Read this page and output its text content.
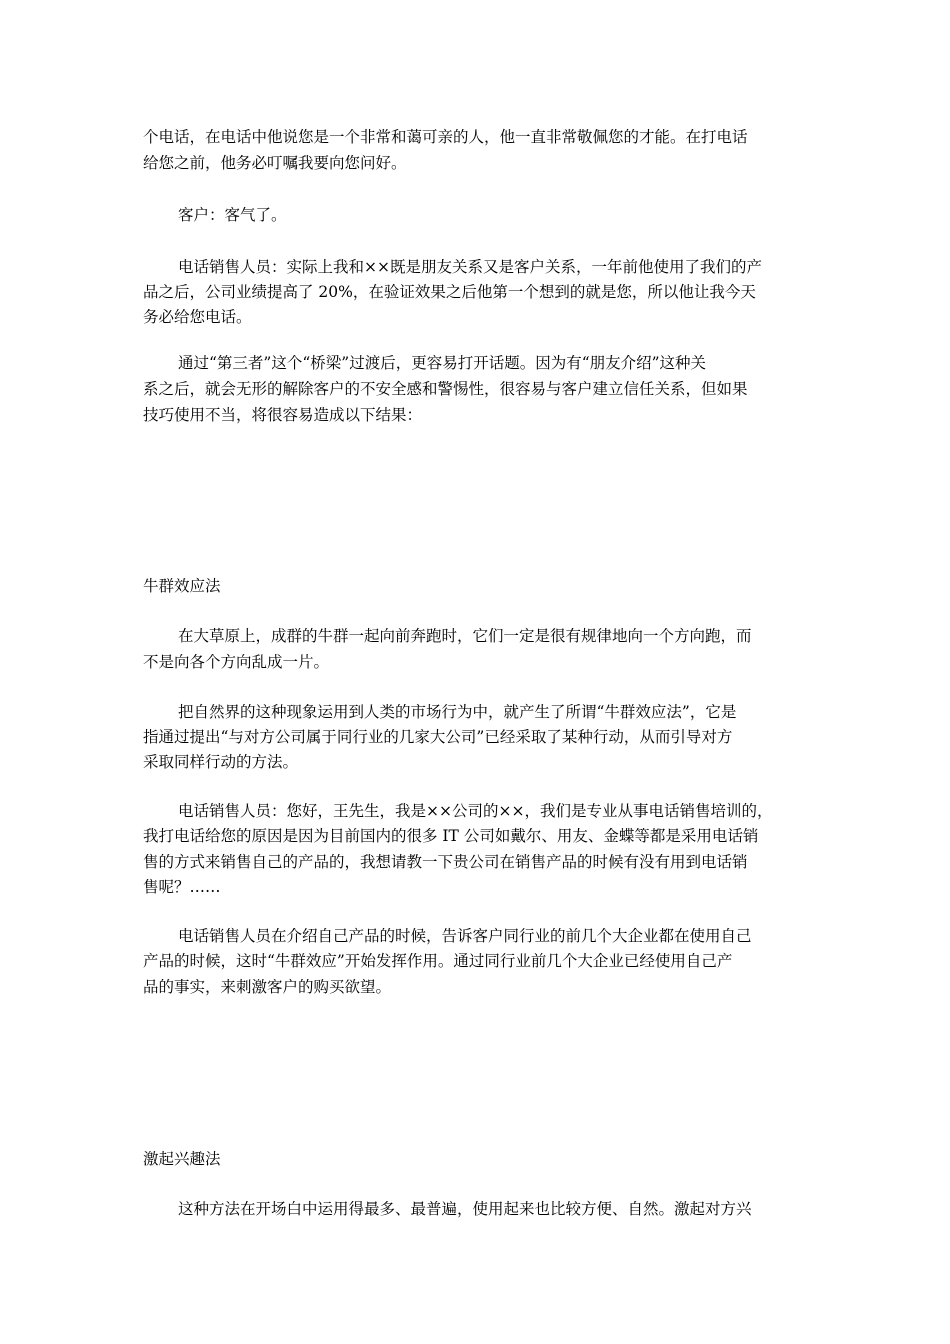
个电话，在电话中他说您是一个非常和蔼可亲的人，他一直非常敬佩您的才能。在打电话
给您之前，他务必叮嘱我要向您问好。
客户：客气了。
电话销售人员：实际上我和××既是朋友关系又是客户关系，一年前他使用了我们的产
品之后，公司业绩提高了 20%，在验证效果之后他第一个想到的就是您，所以他让我今天
务必给您电话。
通过“第三者”这个“桥梁”过渡后，更容易打开话题。因为有“朋友介绍”这种关
系之后，就会无形的解除客户的不安全感和警惕性，很容易与客户建立信任关系，但如果
技巧使用不当，将很容易造成以下结果：
牛群效应法
在大草原上，成群的牛群一起向前奔跑时，它们一定是很有规律地向一个方向跑，而
不是向各个方向乱成一片。
把自然界的这种现象运用到人类的市场行为中，就产生了所谓“牛群效应法”，它是
指通过提出“与对方公司属于同行业的几家大公司”已经采取了某种行动，从而引导对方
采取同样行动的方法。
电话销售人员：您好，王先生，我是××公司的××，我们是专业从事电话销售培训的，
我打电话给您的原因是因为目前国内的很多 IT 公司如戴尔、用友、金蝶等都是采用电话销
售的方式来销售自己的产品的，我想请教一下贵公司在销售产品的时候有没有用到电话销
售呢？……
电话销售人员在介绍自己产品的时候，告诉客户同行业的前几个大企业都在使用自己
产品的时候，这时“牛群效应”开始发挥作用。通过同行业前几个大企业已经使用自己产
品的事实，来刺激客户的购买欲望。
激起兴趣法
这种方法在开场白中运用得最多、最普遍，使用起来也比较方便、自然。激起对方兴
